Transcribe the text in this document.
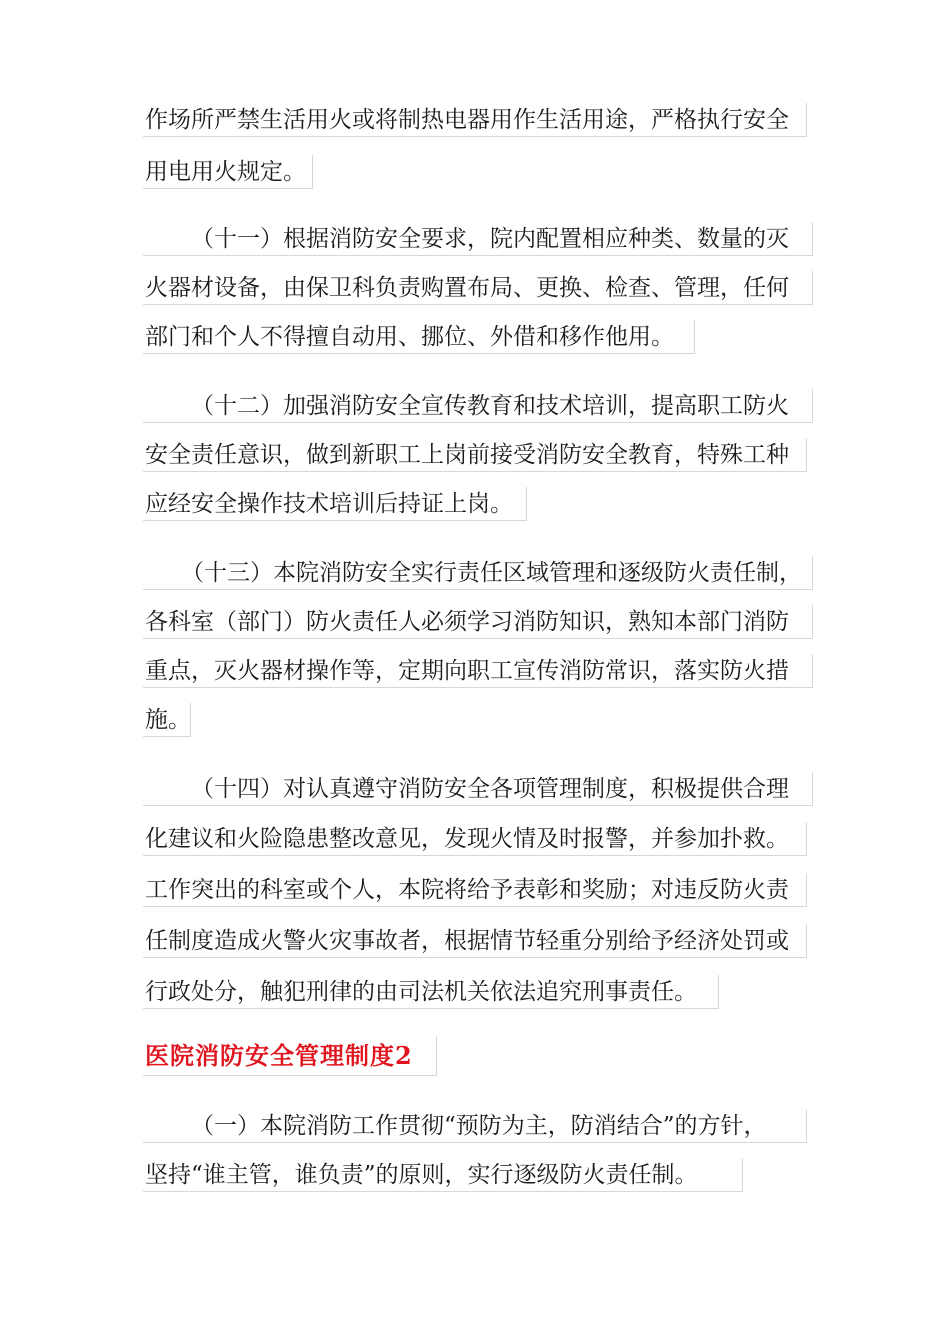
作场所严禁生活用火或将制热电器用作生活用途，严格执行安全
用电用火规定。
（十一）根据消防安全要求，院内配置相应种类、数量的灭
火器材设备，由保卫科负责购置布局、更换、检查、管理，任何
部门和个人不得擅自动用、挪位、外借和移作他用。
（十二）加强消防安全宣传教育和技术培训，提高职工防火
安全责任意识，做到新职工上岗前接受消防安全教育，特殊工种
应经安全操作技术培训后持证上岗。
（十三）本院消防安全实行责任区域管理和逐级防火责任制，
各科室（部门）防火责任人必须学习消防知识，熟知本部门消防
重点，灭火器材操作等，定期向职工宣传消防常识，落实防火措
施。
（十四）对认真遵守消防安全各项管理制度，积极提供合理
化建议和火险隐患整改意见，发现火情及时报警，并参加扑救。
工作突出的科室或个人，本院将给予表彰和奖励；对违反防火责
任制度造成火警火灾事故者，根据情节轻重分别给予经济处罚或
行政处分，触犯刑律的由司法机关依法追究刑事责任。
医院消防安全管理制度2
（一）本院消防工作贯彻“预防为主，防消结合”的方针，
坚持“谁主管，谁负责”的原则，实行逐级防火责任制。
